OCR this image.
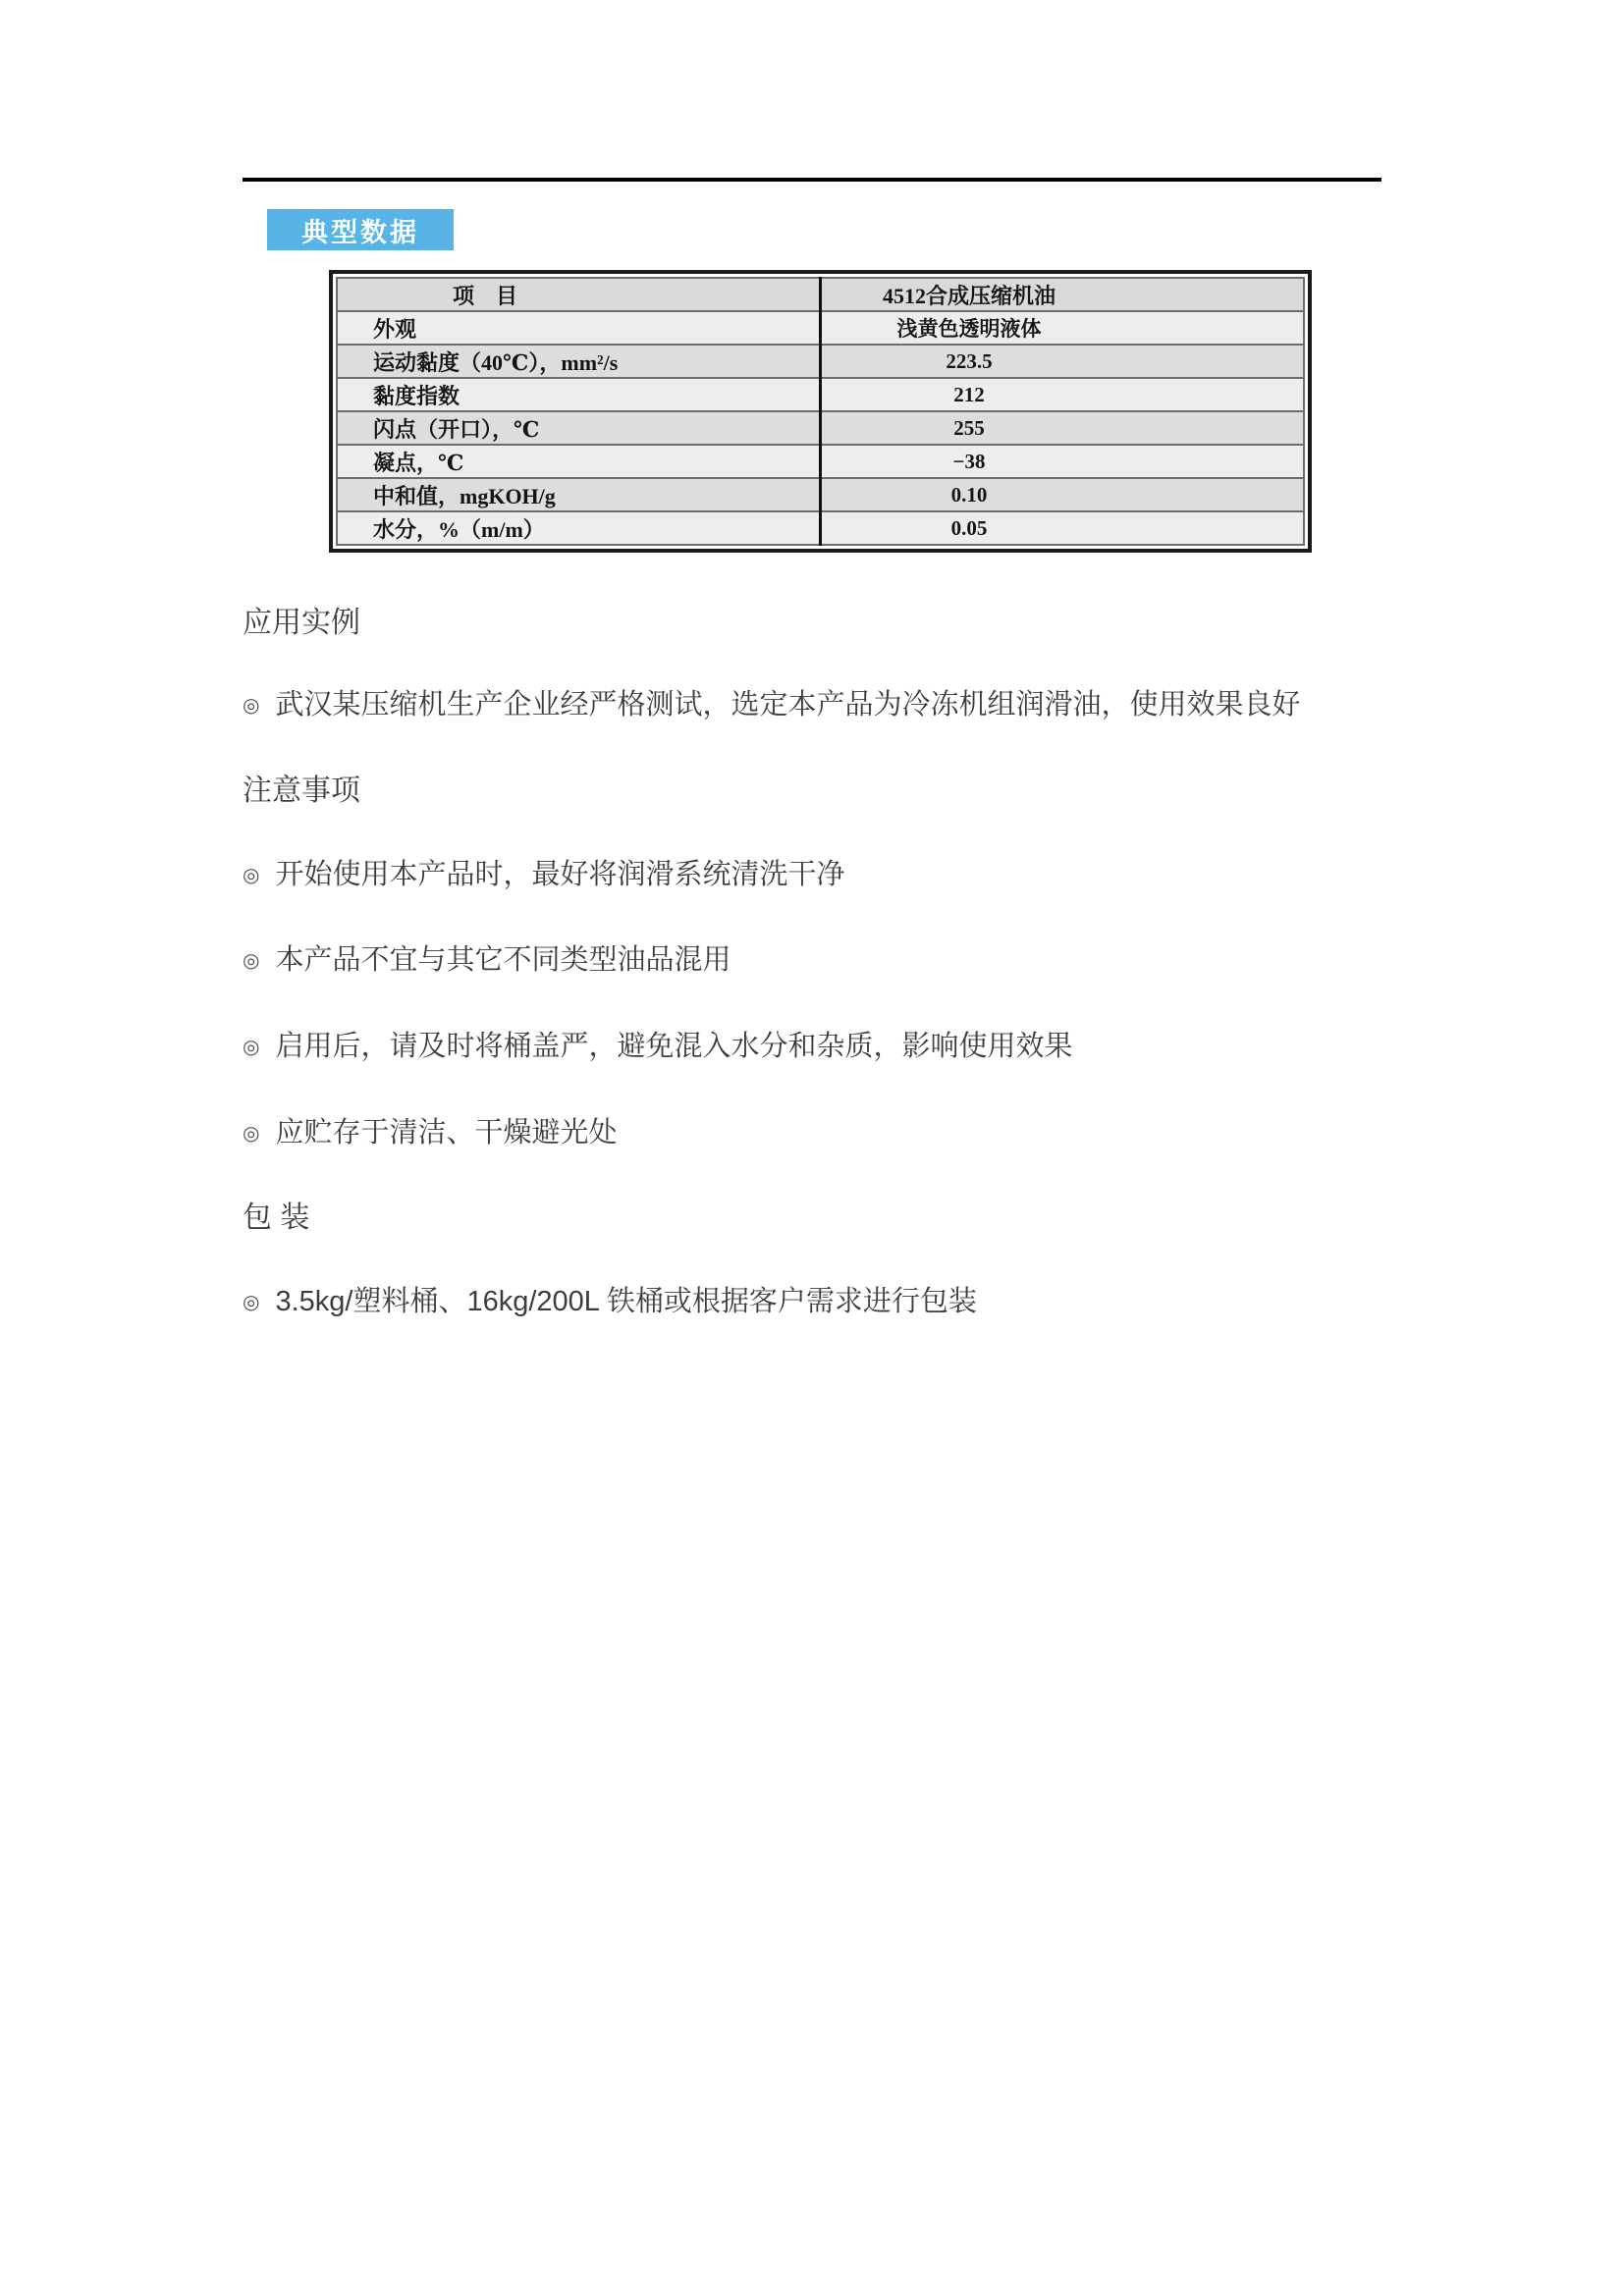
典型数据
项　目	4512合成压缩机油
外观	浅黄色透明液体
运动黏度（40℃），mm²/s	223.5
黏度指数	212
闪点（开口），℃	255
凝点，℃	−38
中和值，mgKOH/g	0.10
水分，%（m/m）	0.05
应用实例
◎ 武汉某压缩机生产企业经严格测试，选定本产品为冷冻机组润滑油，使用效果良好
注意事项
◎ 开始使用本产品时，最好将润滑系统清洗干净
◎ 本产品不宜与其它不同类型油品混用
◎ 启用后，请及时将桶盖严，避免混入水分和杂质，影响使用效果
◎ 应贮存于清洁、干燥避光处
包 装
◎ 3.5kg/塑料桶、16kg/200L 铁桶或根据客户需求进行包装
